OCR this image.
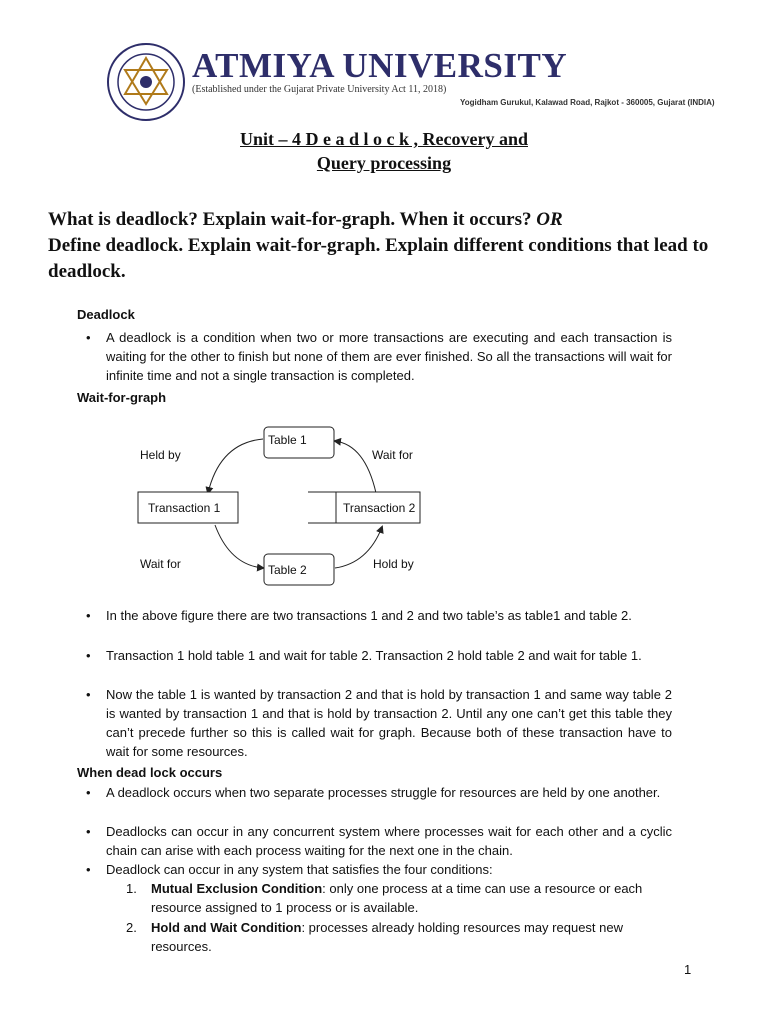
ATMIYA UNIVERSITY
(Established under the Gujarat Private University Act 11, 2018)
Yogidham Gurukul, Kalawad Road, Rajkot - 360005, Gujarat (INDIA)
Unit – 4 D e a d l o c k , Recovery and
Query processing
What is deadlock? Explain wait-for-graph. When it occurs? OR
Define deadlock. Explain wait-for-graph. Explain different conditions that lead to deadlock.
Deadlock
• A deadlock is a condition when two or more transactions are executing and each transaction is waiting for the other to finish but none of them are ever finished. So all the transactions will wait for infinite time and not a single transaction is completed.
Wait-for-graph
Table 1
Table 2
Transaction 1	Transaction 2
Held by	Wait for
Wait for	Hold by
• In the above figure there are two transactions 1 and 2 and two table’s as table1 and table 2.
• Transaction 1 hold table 1 and wait for table 2. Transaction 2 hold table 2 and wait for table 1.
• Now the table 1 is wanted by transaction 2 and that is hold by transaction 1 and same way table 2 is wanted by transaction 1 and that is hold by transaction 2. Until any one can’t get this table they can’t precede further so this is called wait for graph. Because both of these transaction have to wait for some resources.
When dead lock occurs
• A deadlock occurs when two separate processes struggle for resources are held by one another.
• Deadlocks can occur in any concurrent system where processes wait for each other and a cyclic chain can arise with each process waiting for the next one in the chain.
• Deadlock can occur in any system that satisfies the four conditions:
1. Mutual Exclusion Condition: only one process at a time can use a resource or each resource assigned to 1 process or is available.
2. Hold and Wait Condition: processes already holding resources may request new resources.
1
